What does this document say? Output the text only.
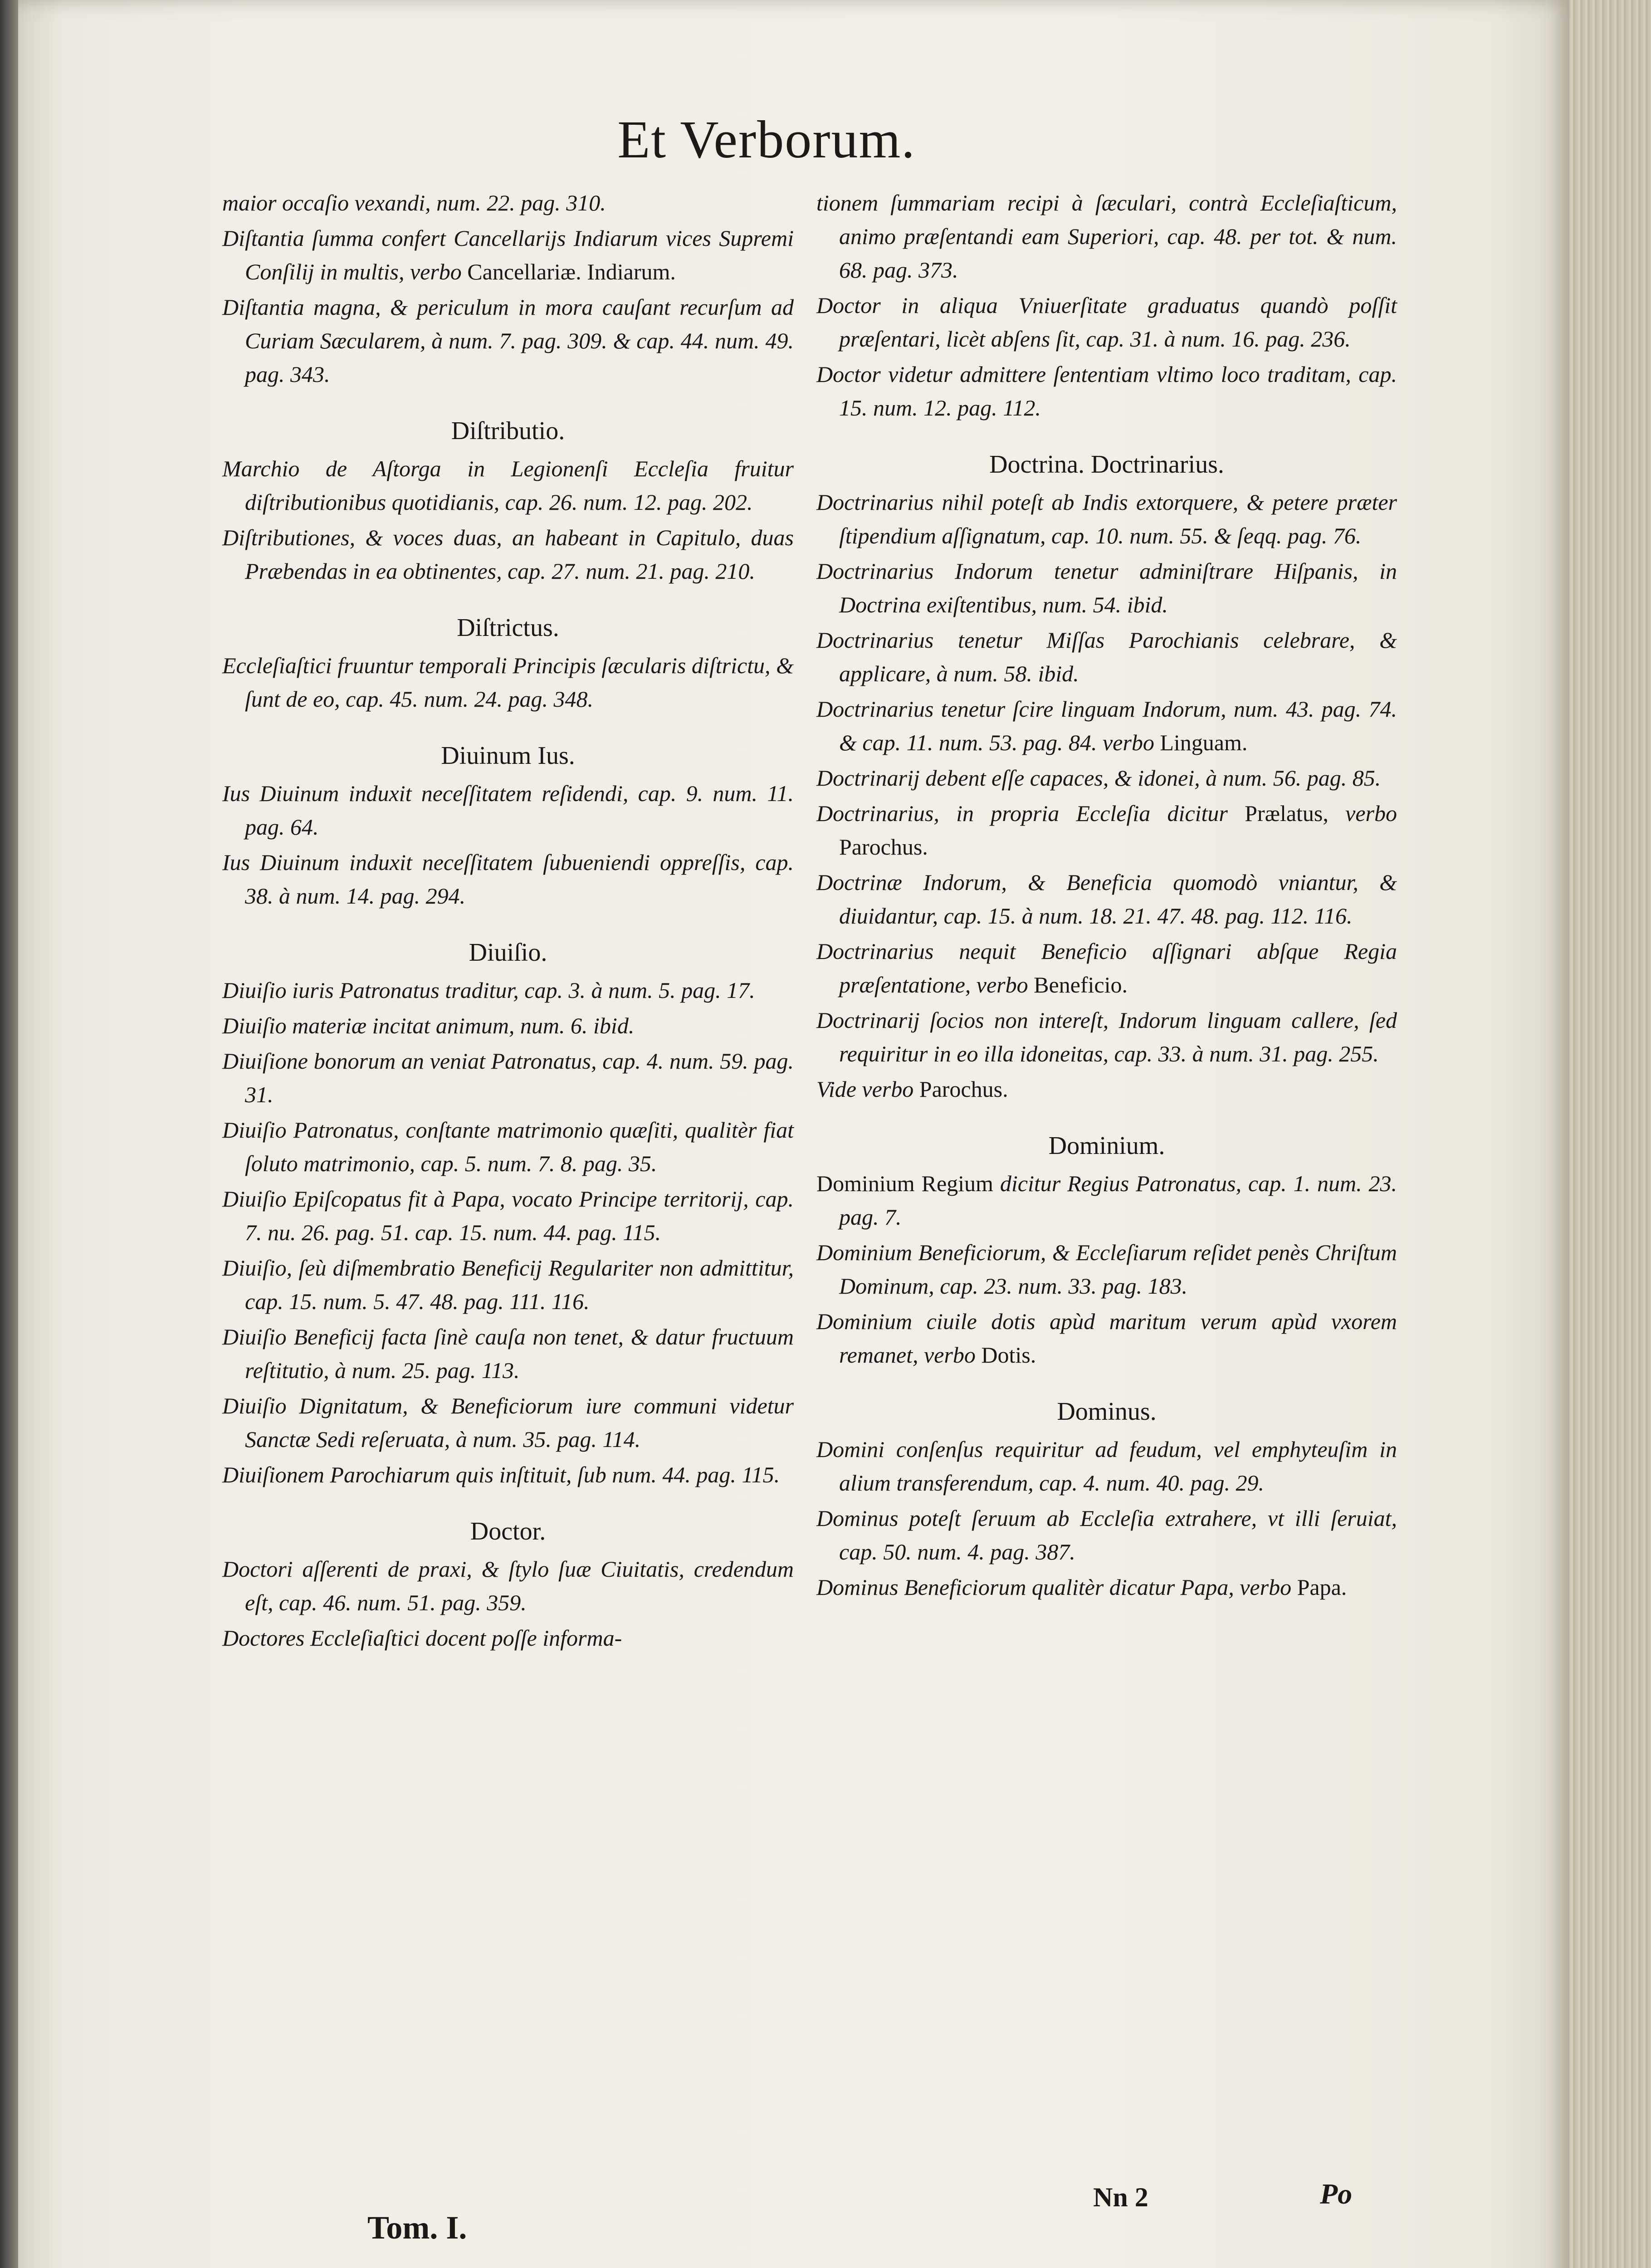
Et Verborum.
maior occaſio vexandi, num. 22. pag. 310.
Diſtantia ſumma confert Cancellarijs Indiarum vices Supremi Conſilij in multis, verbo Cancellariæ. Indiarum.
Diſtantia magna, & periculum in mora cauſant recurſum ad Curiam Sæcularem, à num. 7. pag. 309. & cap. 44. num. 49. pag. 343.
Diſtributio.
Marchio de Aſtorga in Legionenſi Eccleſia fruitur diſtributionibus quotidianis, cap. 26. num. 12. pag. 202.
Diſtributiones, & voces duas, an habeant in Capitulo, duas Præbendas in ea obtinentes, cap. 27. num. 21. pag. 210.
Diſtrictus.
Eccleſiaſtici fruuntur temporali Principis ſæcularis diſtrictu, & ſunt de eo, cap. 45. num. 24. pag. 348.
Diuinum Ius.
Ius Diuinum induxit neceſſitatem reſidendi, cap. 9. num. 11. pag. 64.
Ius Diuinum induxit neceſſitatem ſubueniendi oppreſſis, cap. 38. à num. 14. pag. 294.
Diuiſio.
Diuiſio iuris Patronatus traditur, cap. 3. à num. 5. pag. 17.
Diuiſio materiæ incitat animum, num. 6. ibid.
Diuiſione bonorum an veniat Patronatus, cap. 4. num. 59. pag. 31.
Diuiſio Patronatus, conſtante matrimonio quæſiti, qualitèr fiat ſoluto matrimonio, cap. 5. num. 7. 8. pag. 35.
Diuiſio Epiſcopatus fit à Papa, vocato Principe territorij, cap. 7. nu. 26. pag. 51. cap. 15. num. 44. pag. 115.
Diuiſio, ſeù diſmembratio Beneficij Regulariter non admittitur, cap. 15. num. 5. 47. 48. pag. 111. 116.
Diuiſio Beneficij facta ſinè cauſa non tenet, & datur fructuum reſtitutio, à num. 25. pag. 113.
Diuiſio Dignitatum, & Beneficiorum iure communi videtur Sanctæ Sedi reſeruata, à num. 35. pag. 114.
Diuiſionem Parochiarum quis inſtituit, ſub num. 44. pag. 115.
Doctor.
Doctori aſſerenti de praxi, & ſtylo ſuæ Ciuitatis, credendum eſt, cap. 46. num. 51. pag. 359.
Doctores Eccleſiaſtici docent poſſe informa-
tionem ſummariam recipi à ſæculari, contrà Eccleſiaſticum, animo præſentandi eam Superiori, cap. 48. per tot. & num. 68. pag. 373.
Doctor in aliqua Vniuerſitate graduatus quandò poſſit præſentari, licèt abſens ſit, cap. 31. à num. 16. pag. 236.
Doctor videtur admittere ſententiam vltimo loco traditam, cap. 15. num. 12. pag. 112.
Doctrina. Doctrinarius.
Doctrinarius nihil poteſt ab Indis extorquere, & petere præter ſtipendium aſſignatum, cap. 10. num. 55. & ſeqq. pag. 76.
Doctrinarius Indorum tenetur adminiſtrare Hiſpanis, in Doctrina exiſtentibus, num. 54. ibid.
Doctrinarius tenetur Miſſas Parochianis celebrare, & applicare, à num. 58. ibid.
Doctrinarius tenetur ſcire linguam Indorum, num. 43. pag. 74. & cap. 11. num. 53. pag. 84. verbo Linguam.
Doctrinarij debent eſſe capaces, & idonei, à num. 56. pag. 85.
Doctrinarius, in propria Eccleſia dicitur Prælatus, verbo Parochus.
Doctrinæ Indorum, & Beneficia quomodò vniantur, & diuidantur, cap. 15. à num. 18. 21. 47. 48. pag. 112. 116.
Doctrinarius nequit Beneficio aſſignari abſque Regia præſentatione, verbo Beneficio.
Doctrinarij ſocios non intereſt, Indorum linguam callere, ſed requiritur in eo illa idoneitas, cap. 33. à num. 31. pag. 255.
Vide verbo Parochus.
Dominium.
Dominium Regium dicitur Regius Patronatus, cap. 1. num. 23. pag. 7.
Dominium Beneficiorum, & Eccleſiarum reſidet penès Chriſtum Dominum, cap. 23. num. 33. pag. 183.
Dominium ciuile dotis apùd maritum verum apùd vxorem remanet, verbo Dotis.
Dominus.
Domini conſenſus requiritur ad feudum, vel emphyteuſim in alium transferendum, cap. 4. num. 40. pag. 29.
Dominus poteſt ſeruum ab Eccleſia extrahere, vt illi ſeruiat, cap. 50. num. 4. pag. 387.
Dominus Beneficiorum qualitèr dicatur Papa, verbo Papa.
Tom. I.
Nn 2	Po
